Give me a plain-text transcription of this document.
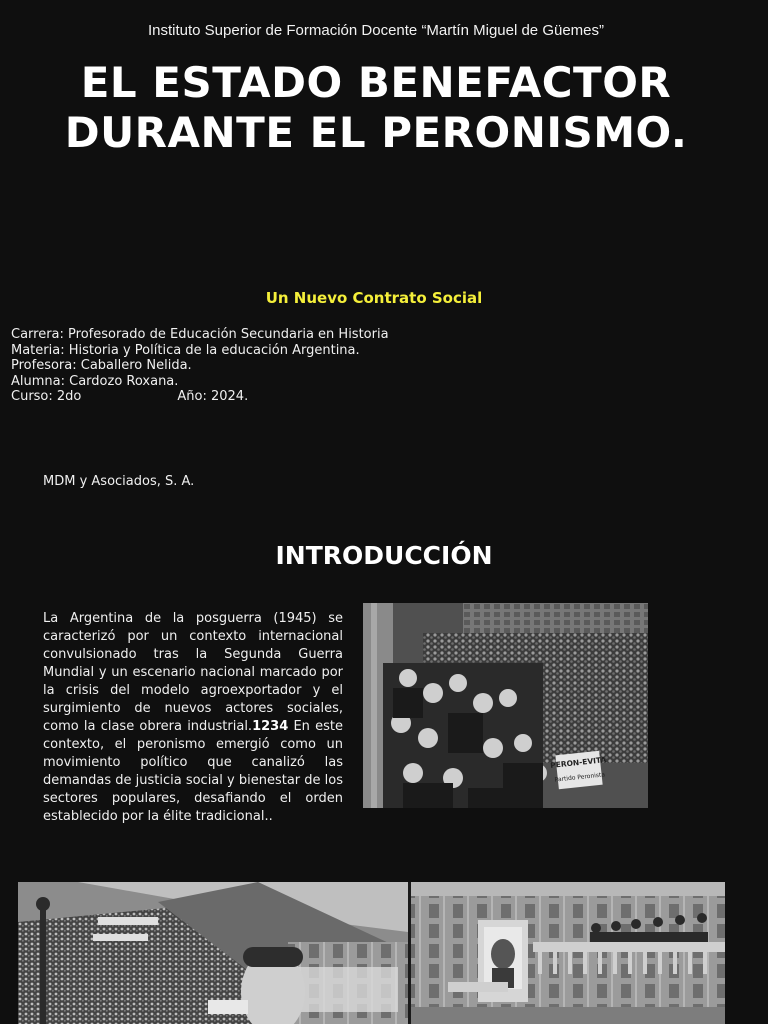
Instituto Superior de Formación Docente “Martín Miguel de Güemes”
EL ESTADO BENEFACTOR
DURANTE EL PERONISMO.
Un Nuevo Contrato Social
Carrera: Profesorado de Educación Secundaria en Historia
Materia: Historia y Política de la educación Argentina.
Profesora: Caballero Nelida.
Alumna: Cardozo Roxana.
Curso: 2do	Año: 2024.
MDM y Asociados, S. A.
INTRODUCCIÓN
La Argentina de la posguerra (1945) se caracterizó por un contexto internacional convulsionado tras la Segunda Guerra Mundial y un escenario nacional marcado por la crisis del modelo agroexportador y el surgimiento de nuevos actores sociales, como la clase obrera industrial.1234 En este contexto, el peronismo emergió como un movimiento político que canalizó las demandas de justicia social y bienestar de los sectores populares, desafiando el orden establecido por la élite tradicional..
PERON-EVITA
Partido Peronista
